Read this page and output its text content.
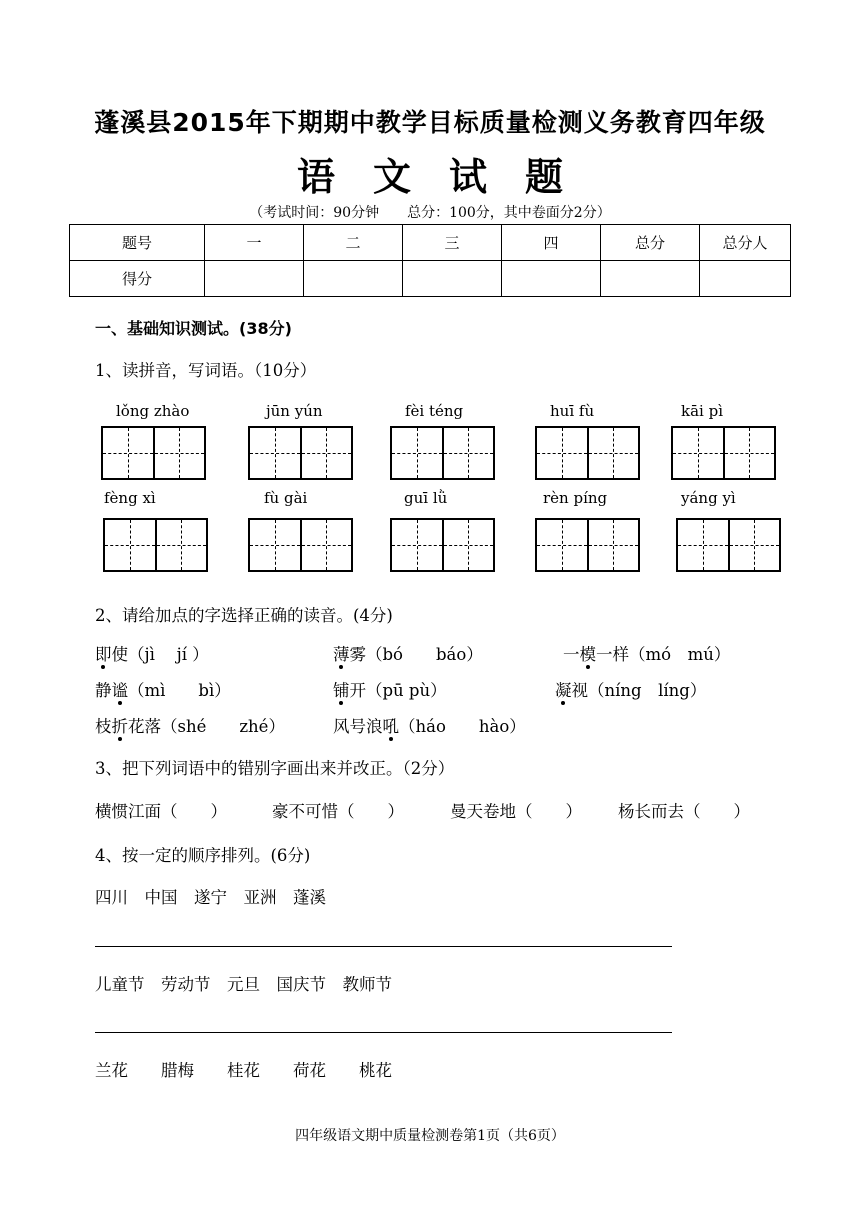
蓬溪县2015年下期期中教学目标质量检测义务教育四年级
语文试题
（考试时间：90分钟　　总分：100分，其中卷面分2分）
题号	一	二	三	四	总分	总分人
得分						
一、基础知识测试。(38分)
1、读拼音，写词语。（10分）
lǒng zhào	jūn yún	fèi téng	huī fù	kāi pì
fèng xì	fù gài	guī lǜ	rèn píng	yáng yì
2、请给加点的字选择正确的读音。(4分)
即使（jì　 jí ）	薄雾（bó　　báo）	一模一样（mó　mú）
静谧（mì　　bì）	铺开（pū pù）	凝视（níng　líng）
枝折花落（shé　　zhé）	风号浪吼（háo　　hào）
3、把下列词语中的错别字画出来并改正。（2分）
横惯江面（　　）	豪不可惜（　　）	曼天卷地（　　） 杨长而去（　　）
4、按一定的顺序排列。(6分)
四川　中国　遂宁　亚洲　蓬溪
儿童节　劳动节　元旦　国庆节　教师节
兰花　　腊梅　　桂花　　荷花　　桃花
四年级语文期中质量检测卷第1页（共6页）
